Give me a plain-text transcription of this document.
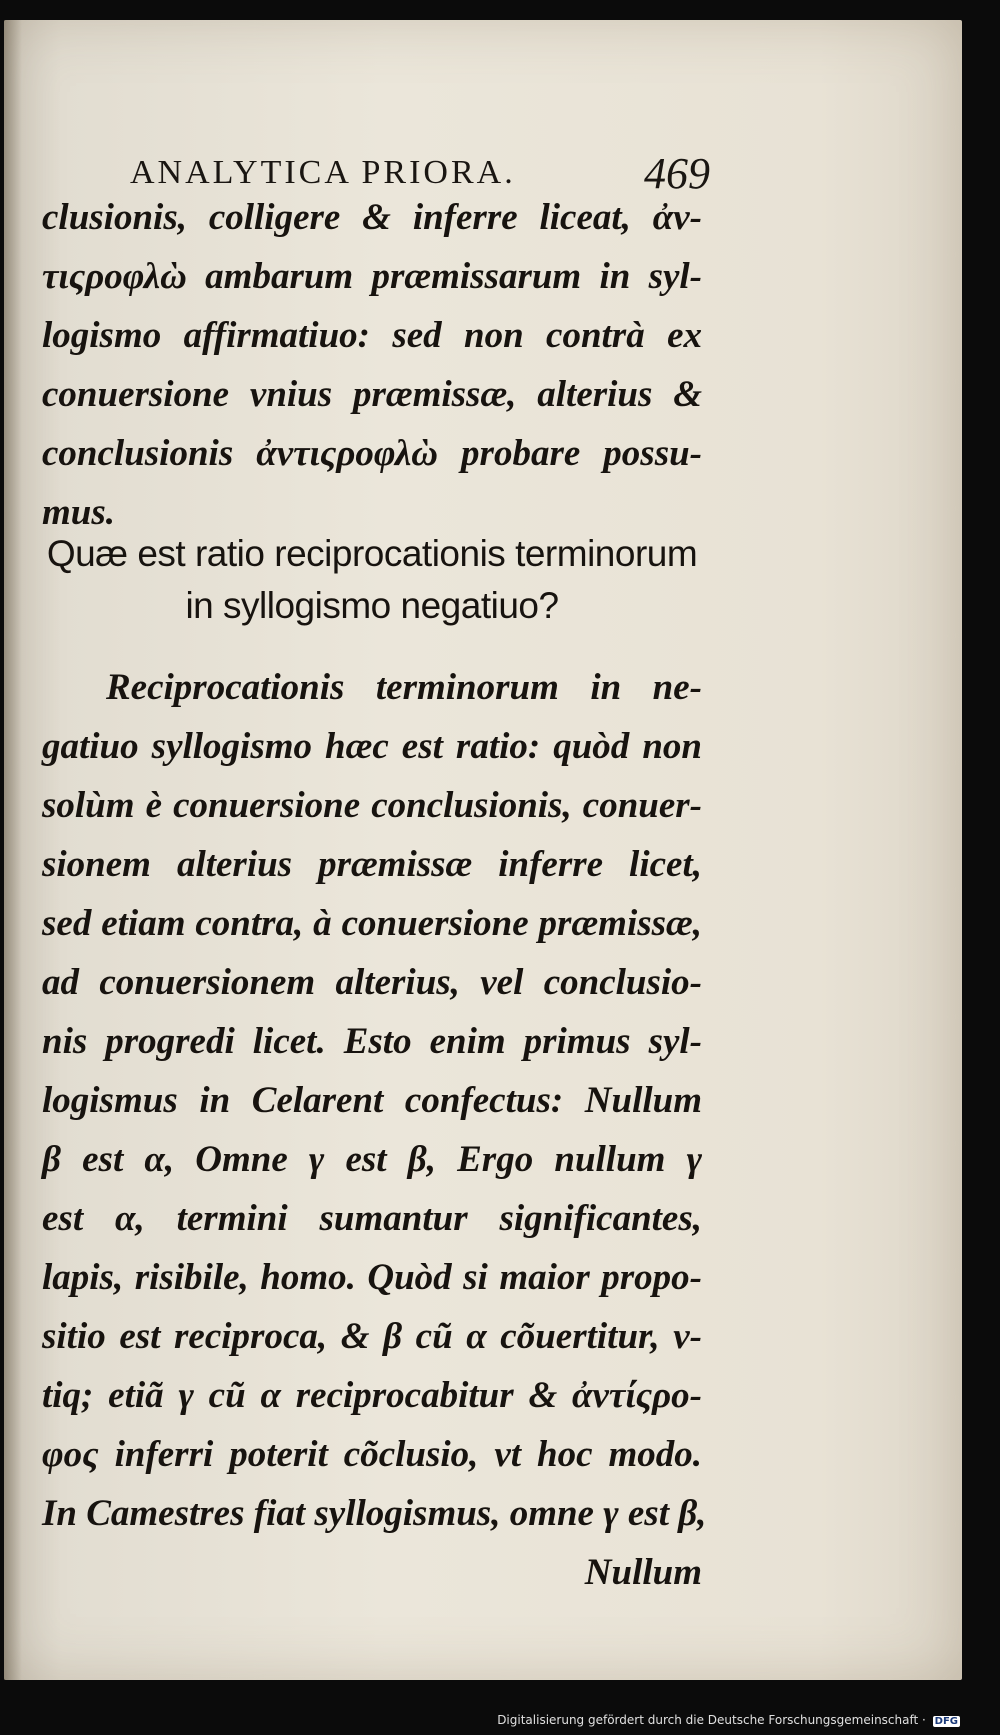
ANALYTICA PRIORA.	469
clusionis, colligere & inferre liceat, ἀν-
τιςροφλὼ ambarum præmissarum in syl-
logismo affirmatiuo: sed non contrà ex
conuersione vnius præmissæ, alterius &
conclusionis ἀντιςροφλὼ probare possu-
mus.
Quæ est ratio reciprocationis terminorum
in syllogismo negatiuo?
Reciprocationis terminorum in ne-
gatiuo syllogismo hæc est ratio: quòd non
solùm è conuersione conclusionis, conuer-
sionem alterius præmissæ inferre licet,
sed etiam contra, à conuersione præmissæ,
ad conuersionem alterius, vel conclusio-
nis progredi licet. Esto enim primus syl-
logismus in Celarent confectus: Nullum
β est α, Omne γ est β, Ergo nullum γ
est α, termini sumantur significantes,
lapis, risibile, homo. Quòd si maior propo-
sitio est reciproca, & β cũ α cõuertitur, v-
tiq; etiã γ cũ α reciprocabitur & ἀντίςρο-
φος inferri poterit cõclusio, vt hoc modo.
In Camestres fiat syllogismus, omne γ est β,
Nullum
Digitalisierung gefördert durch die Deutsche Forschungsgemeinschaft · DFG
